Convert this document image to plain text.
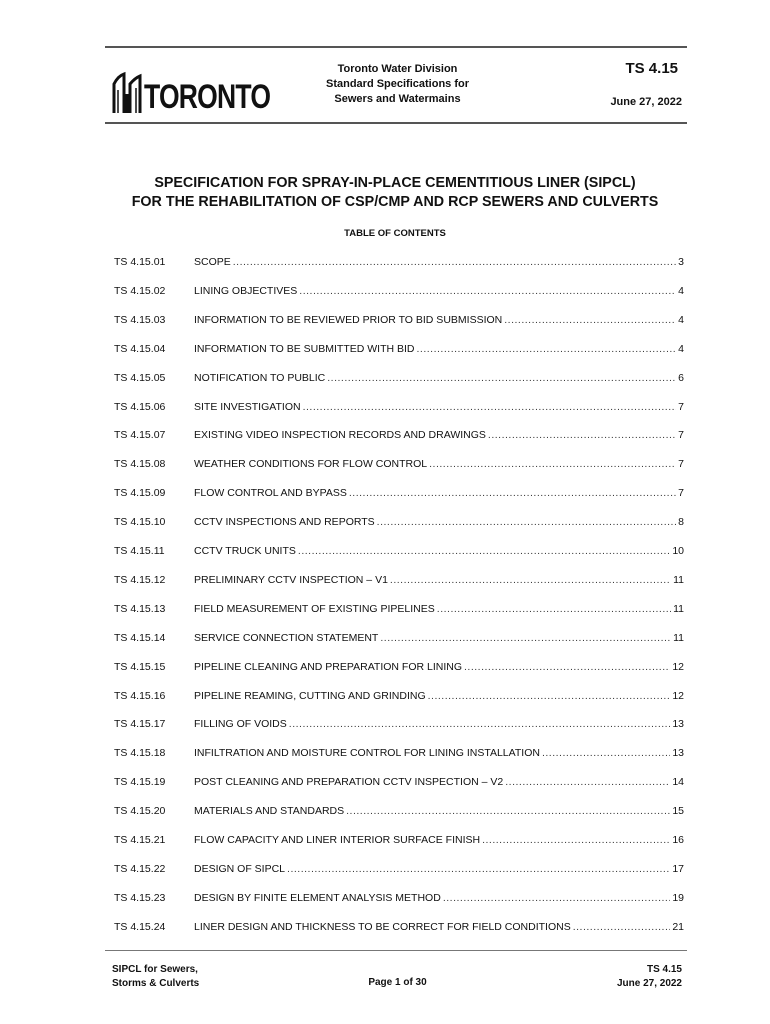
TORONTO
Toronto Water Division
Standard Specifications for
Sewers and Watermains
TS 4.15
June 27, 2022
SPECIFICATION FOR SPRAY-IN-PLACE CEMENTITIOUS LINER (SIPCL)
FOR THE REHABILITATION OF CSP/CMP AND RCP SEWERS AND CULVERTS
TABLE OF CONTENTS
TS 4.15.01	SCOPE .....	3
TS 4.15.02	LINING OBJECTIVES .....	4
TS 4.15.03	INFORMATION TO BE REVIEWED PRIOR TO BID SUBMISSION .....	4
TS 4.15.04	INFORMATION TO BE SUBMITTED WITH BID .....	4
TS 4.15.05	NOTIFICATION TO PUBLIC .....	6
TS 4.15.06	SITE INVESTIGATION .....	7
TS 4.15.07	EXISTING VIDEO INSPECTION RECORDS AND DRAWINGS .....	7
TS 4.15.08	WEATHER CONDITIONS FOR FLOW CONTROL .....	7
TS 4.15.09	FLOW CONTROL AND BYPASS .....	7
TS 4.15.10	CCTV INSPECTIONS AND REPORTS .....	8
TS 4.15.11	CCTV TRUCK UNITS .....	10
TS 4.15.12	PRELIMINARY CCTV INSPECTION – V1 .....	11
TS 4.15.13	FIELD MEASUREMENT OF EXISTING PIPELINES .....	11
TS 4.15.14	SERVICE CONNECTION STATEMENT .....	11
TS 4.15.15	PIPELINE CLEANING AND PREPARATION FOR LINING .....	12
TS 4.15.16	PIPELINE REAMING, CUTTING AND GRINDING .....	12
TS 4.15.17	FILLING OF VOIDS .....	13
TS 4.15.18	INFILTRATION AND MOISTURE CONTROL FOR LINING INSTALLATION .....	13
TS 4.15.19	POST CLEANING AND PREPARATION CCTV INSPECTION – V2 .....	14
TS 4.15.20	MATERIALS AND STANDARDS .....	15
TS 4.15.21	FLOW CAPACITY AND LINER INTERIOR SURFACE FINISH .....	16
TS 4.15.22	DESIGN OF SIPCL .....	17
TS 4.15.23	DESIGN BY FINITE ELEMENT ANALYSIS METHOD .....	19
TS 4.15.24	LINER DESIGN AND THICKNESS TO BE CORRECT FOR FIELD CONDITIONS .....	21
SIPCL for Sewers,
Storms & Culverts	Page 1 of 30
TS 4.15
June 27, 2022
